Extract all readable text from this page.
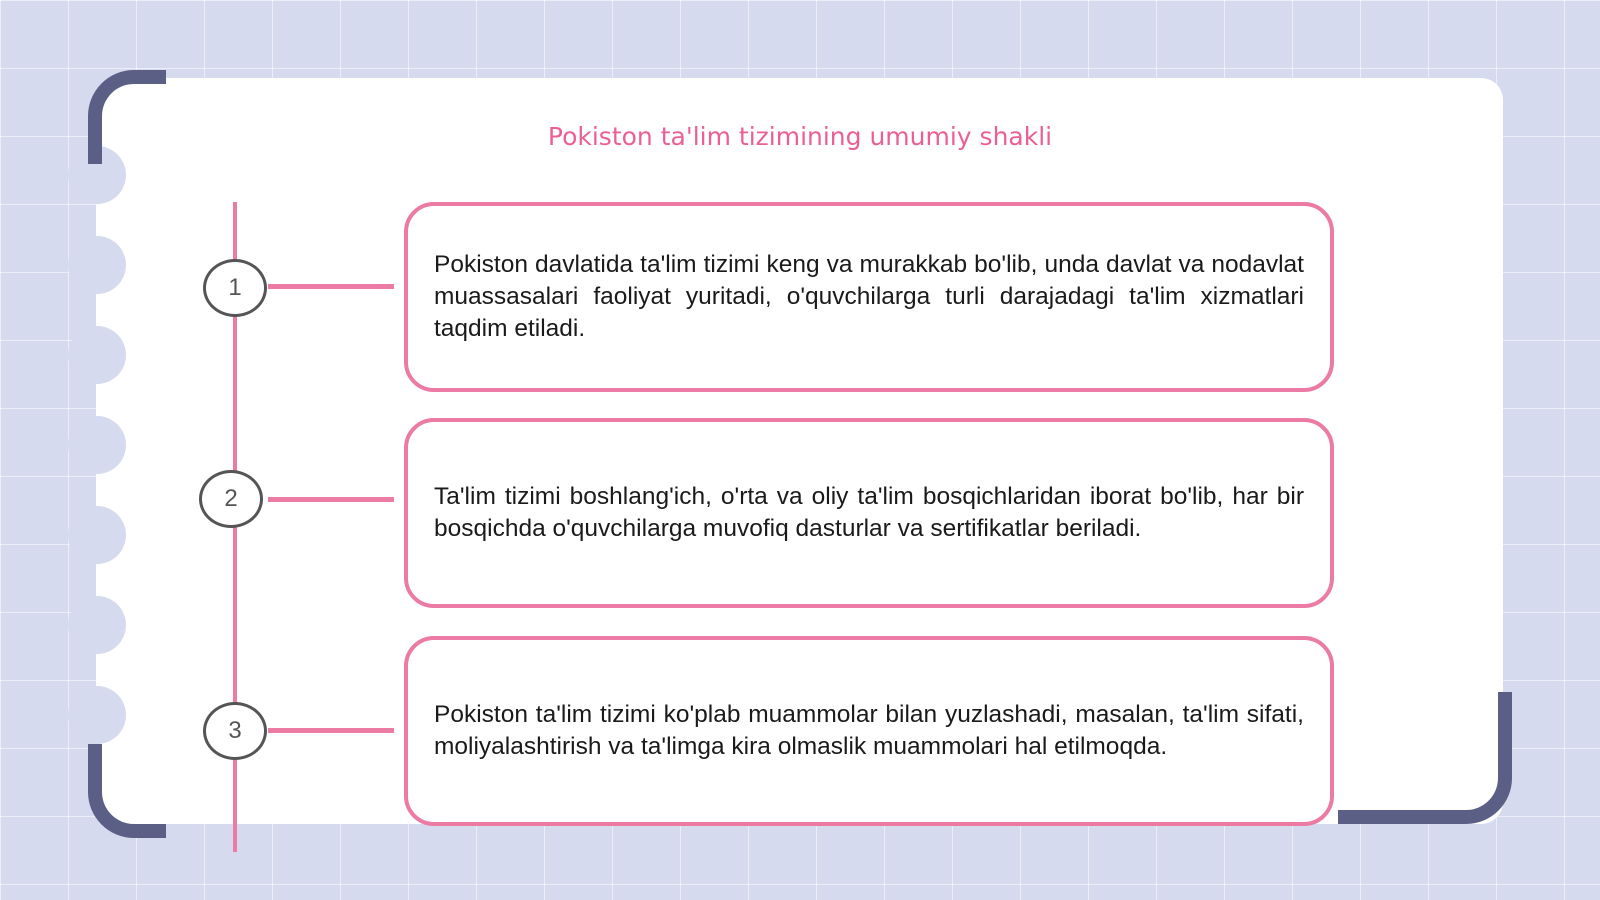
Pokiston ta'lim tizimining umumiy shakli
1
2
3
Pokiston davlatida ta'lim tizimi keng va murakkab bo'lib, unda davlat va nodavlat muassasalari faoliyat yuritadi, o'quvchilarga turli darajadagi ta'lim xizmatlari taqdim etiladi.
Ta'lim tizimi boshlang'ich, o'rta va oliy ta'lim bosqichlaridan iborat bo'lib, har bir bosqichda o'quvchilarga muvofiq dasturlar va sertifikatlar beriladi.
Pokiston ta'lim tizimi ko'plab muammolar bilan yuzlashadi, masalan, ta'lim sifati, moliyalashtirish va ta'limga kira olmaslik muammolari hal etilmoqda.
